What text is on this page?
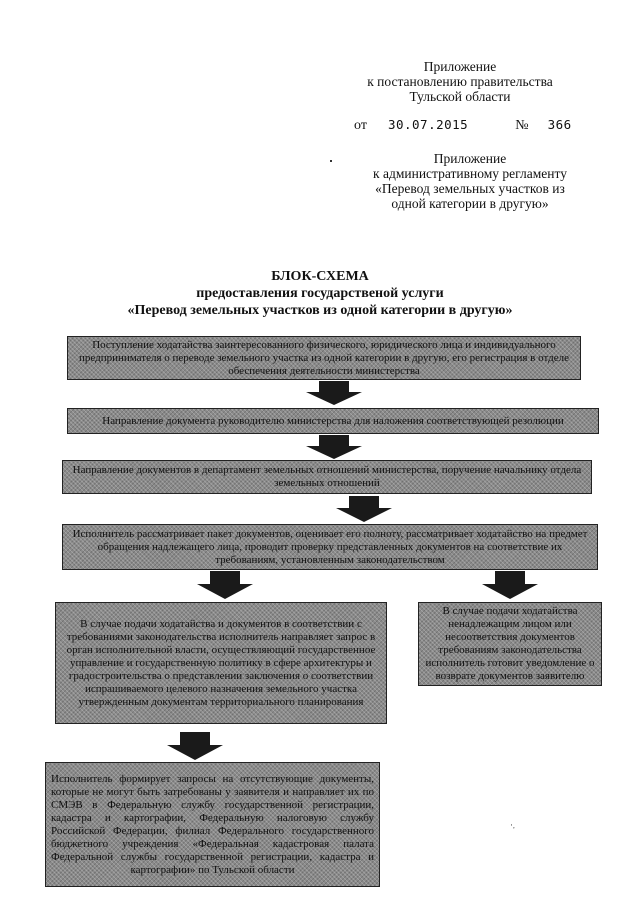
Приложение
к постановлению правительства
Тульской области
от 30.07.2015	№ 366
Приложение
к административному регламенту
«Перевод земельных участков из
одной категории в другую»
БЛОК-СХЕМА
предоставления государственой услуги
«Перевод земельных участков из одной категории в другую»
Поступление ходатайства заинтересованного физического, юридического лица и индивидуального предпринимателя о переводе земельного участка из одной категории в другую, его регистрация в отделе обеспечения деятельности министерства
Направление документа руководителю министерства для наложения соответствующей резолюции
Направление документов в департамент земельных отношений министерства, поручение начальнику отдела земельных отношений
Исполнитель рассматривает пакет документов, оценивает его полноту, рассматривает ходатайство на предмет обращения надлежащего лица, проводит проверку представленных документов на соответствие их требованиям, установленным законодательством
В случае подачи ходатайства и документов в соответствии с требованиями законодательства исполнитель направляет запрос в орган исполнительной власти, осуществляющий государственное управление и государственную политику в сфере архитектуры и градостроительства о представлении заключения о соответствии испрашиваемого целевого назначения земельного участка утвержденным документам территориального планирования
В случае подачи ходатайства ненадлежащим лицом или несоответствия документов требованиям законодательства исполнитель готовит уведомление о возврате документов заявителю
Исполнитель формирует запросы на отсутствующие документы, которые не могут быть затребованы у заявителя и направляет их по СМЭВ в Федеральную службу государственной регистрации, кадастра и картографии, Федеральную налоговую службу Российской Федерации, филиал Федерального государственного бюджетного учреждения «Федеральная кадастровая палата Федеральной службы государственной регистрации, кадастра и картографии» по Тульской области
·,
